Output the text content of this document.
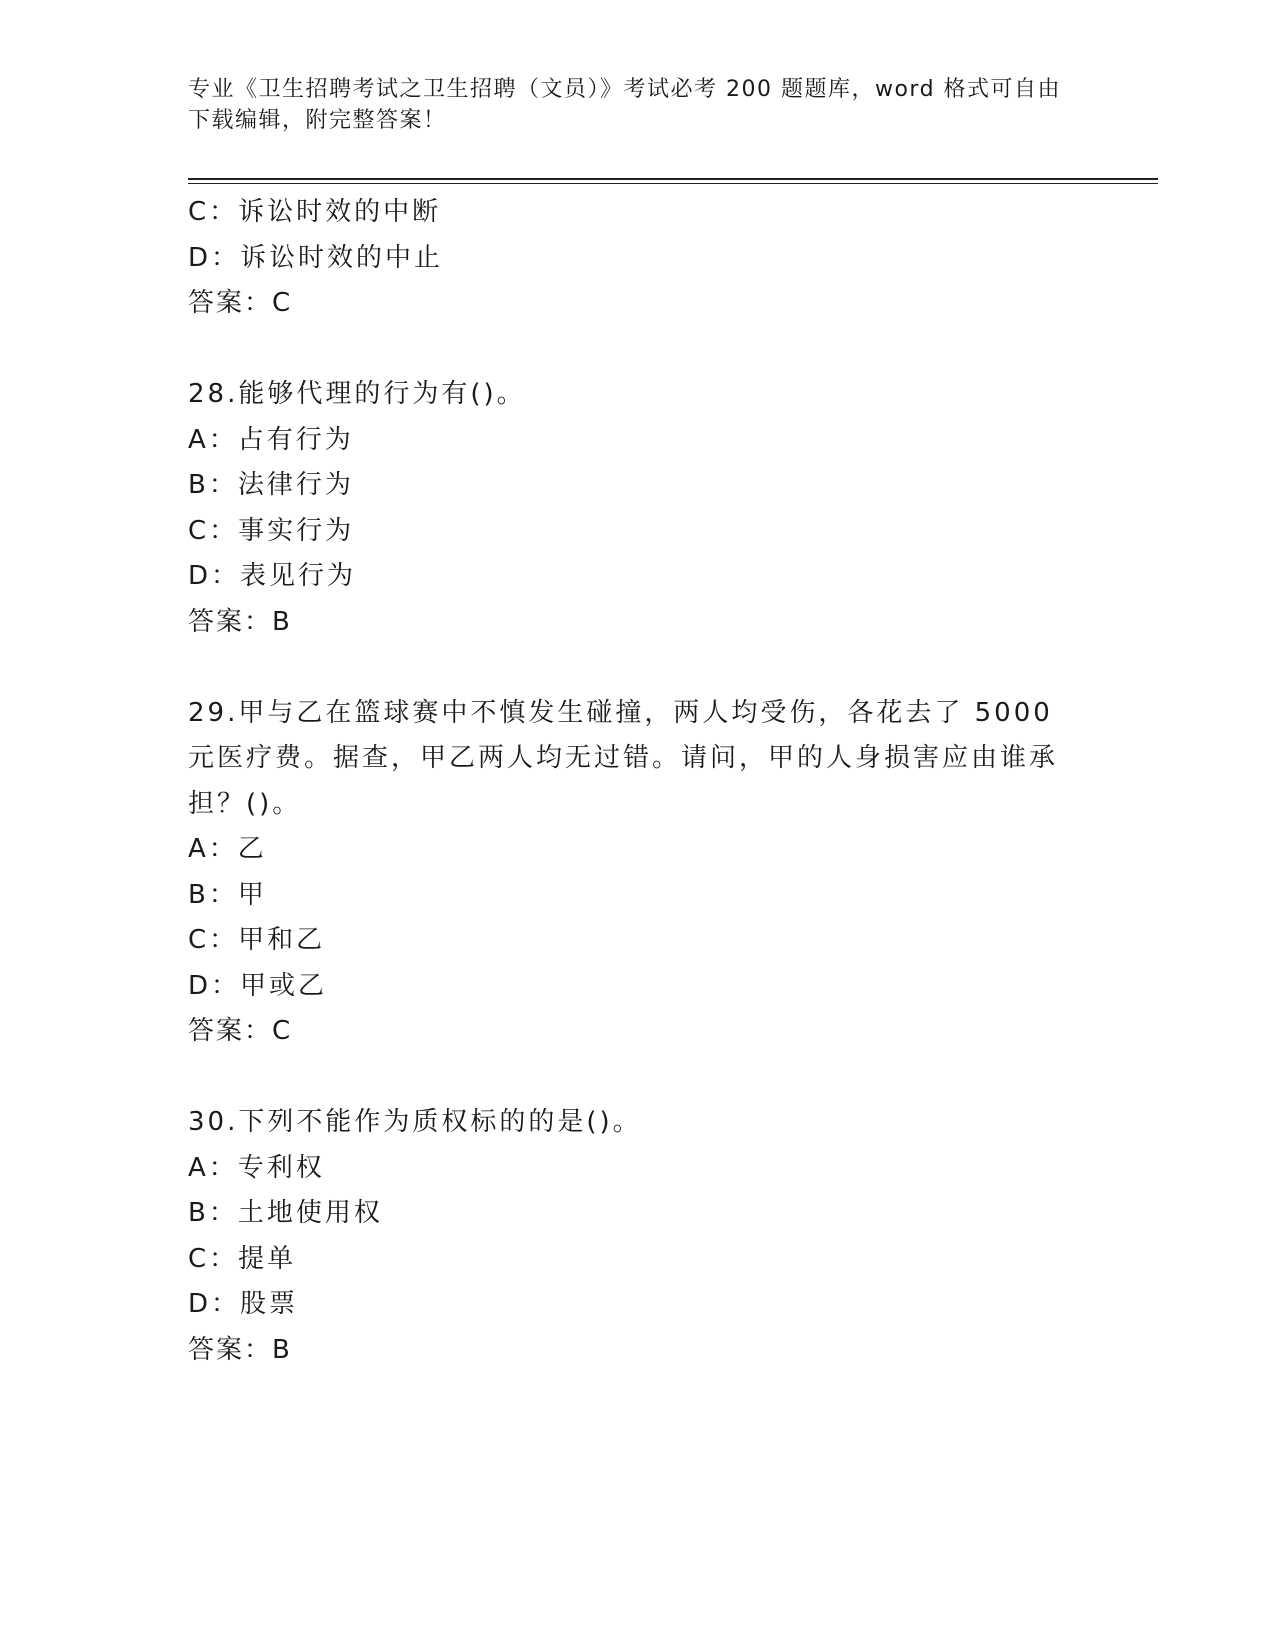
专业《卫生招聘考试之卫生招聘（文员）》考试必考 200 题题库，word 格式可自由下载编辑，附完整答案！
C：诉讼时效的中断
D：诉讼时效的中止
答案：C
28.能够代理的行为有()。
A：占有行为
B：法律行为
C：事实行为
D：表见行为
答案：B
29.甲与乙在篮球赛中不慎发生碰撞，两人均受伤，各花去了 5000 元医疗费。据查，甲乙两人均无过错。请问，甲的人身损害应由谁承担？()。
A：乙
B：甲
C：甲和乙
D：甲或乙
答案：C
30.下列不能作为质权标的的是()。
A：专利权
B：土地使用权
C：提单
D：股票
答案：B
